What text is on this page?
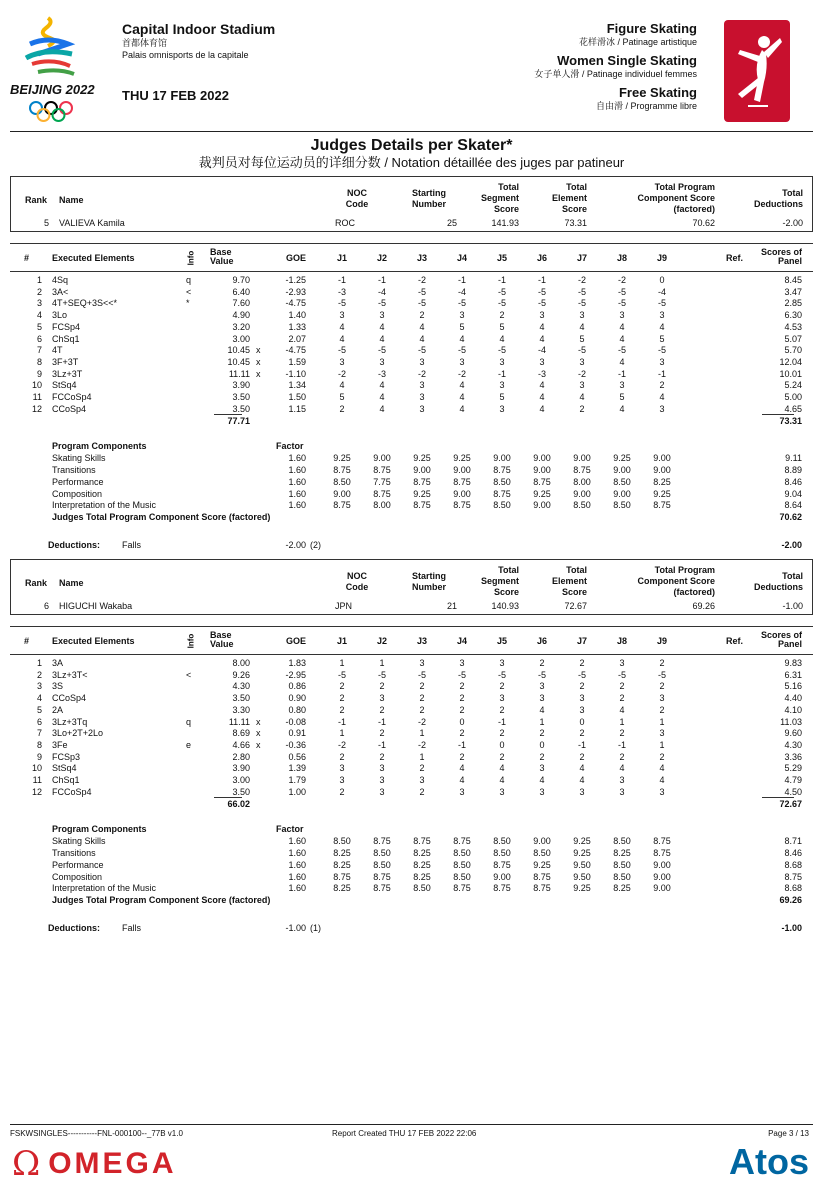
BEIJING 2022
Capital Indoor Stadium
首都体育馆
Palais omnisports de la capitale
THU 17 FEB 2022
Figure Skating
花样滑冰 / Patinage artistique
Women Single Skating
女子单人滑 / Patinage individuel femmes
Free Skating
自由滑 / Programme libre
Judges Details per Skater*
裁判员对每位运动员的详细分数 / Notation détaillée des juges par patineur
Rank Name
NOC
Code
Starting
Number
Total
Segment
Score
Total
Element
Score
Total Program
Component Score
(factored)
Total
Deductions
5 VALIEVA Kamila	ROC	25	141.93	73.31	70.62	-2.00
#	Executed Elements	Info Base
Value	GOE	J1	J2	J3	J4	J5	J6	J7	J8	J9	Ref.
Scores of
Panel
1 4Sq	q	9.70	-1.25	-1	-1	-2	-1	-1	-1	-2	-2	0	8.45
2 3A<	<	6.40	-2.93	-3	-4	-5	-4	-5	-5	-5	-5	-4	3.47
3 4T+SEQ+3S<<*	*	7.60	-4.75	-5	-5	-5	-5	-5	-5	-5	-5	-5	2.85
4 3Lo	4.90	1.40	3	3	2	3	2	3	3	3	3	6.30
5 FCSp4	3.20	1.33	4	4	4	5	5	4	4	4	4	4.53
6 ChSq1	3.00	2.07	4	4	4	4	4	4	5	4	5	5.07
7 4T	10.45 x	-4.75	-5	-5	-5	-5	-5	-4	-5	-5	-5	5.70
8 3F+3T	10.45 x	1.59	3	3	3	3	3	3	3	4	3	12.04
9 3Lz+3T	11.11 x	-1.10	-2	-3	-2	-2	-1	-3	-2	-1	-1	10.01
10 StSq4	3.90	1.34	4	4	3	4	3	4	3	3	2	5.24
11 FCCoSp4	3.50	1.50	5	4	3	4	5	4	4	5	4	5.00
12 CCoSp4	3.50	1.15	2	4	3	4	3	4	2	4	3	4.65
77.71	73.31
Program Components	Factor
Skating Skills	1.60	9.25	9.00	9.25	9.25	9.00	9.00	9.00	9.25	9.00	9.11
Transitions	1.60	8.75	8.75	9.00	9.00	8.75	9.00	8.75	9.00	9.00	8.89
Performance	1.60	8.50	7.75	8.75	8.75	8.50	8.75	8.00	8.50	8.25	8.46
Composition	1.60	9.00	8.75	9.25	9.00	8.75	9.25	9.00	9.00	9.25	9.04
Interpretation of the Music	1.60	8.75	8.00	8.75	8.75	8.50	9.00	8.50	8.50	8.75	8.64
Judges Total Program Component Score (factored)	70.62
Deductions: Falls	-2.00 (2)	-2.00
Rank Name
NOC
Code
Starting
Number
Total
Segment
Score
Total
Element
Score
Total Program
Component Score
(factored)
Total
Deductions
6 HIGUCHI Wakaba	JPN	21	140.93	72.67	69.26	-1.00
#	Executed Elements	Info Base
Value	GOE	J1	J2	J3	J4	J5	J6	J7	J8	J9	Ref.
Scores of
Panel
1 3A	8.00	1.83	1	1	3	3	3	2	2	3	2	9.83
2 3Lz+3T<	<	9.26	-2.95	-5	-5	-5	-5	-5	-5	-5	-5	-5	6.31
3 3S	4.30	0.86	2	2	2	2	2	3	2	2	2	5.16
4 CCoSp4	3.50	0.90	2	3	2	2	3	3	3	2	3	4.40
5 2A	3.30	0.80	2	2	2	2	2	4	3	4	2	4.10
6 3Lz+3Tq	q	11.11 x	-0.08	-1	-1	-2	0	-1	1	0	1	1	11.03
7 3Lo+2T+2Lo	8.69 x	0.91	1	2	1	2	2	2	2	2	3	9.60
8 3Fe	e	4.66 x	-0.36	-2	-1	-2	-1	0	0	-1	-1	1	4.30
9 FCSp3	2.80	0.56	2	2	1	2	2	2	2	2	2	3.36
10 StSq4	3.90	1.39	3	3	2	4	4	3	4	4	4	5.29
11 ChSq1	3.00	1.79	3	3	3	4	4	4	4	3	4	4.79
12 FCCoSp4	3.50	1.00	2	3	2	3	3	3	3	3	3	4.50
66.02	72.67
Program Components	Factor
Skating Skills	1.60	8.50	8.75	8.75	8.75	8.50	9.00	9.25	8.50	8.75	8.71
Transitions	1.60	8.25	8.50	8.25	8.50	8.50	8.50	9.25	8.25	8.75	8.46
Performance	1.60	8.25	8.50	8.25	8.50	8.75	9.25	9.50	8.50	9.00	8.68
Composition	1.60	8.75	8.75	8.25	8.50	9.00	8.75	9.50	8.50	9.00	8.75
Interpretation of the Music	1.60	8.25	8.75	8.50	8.75	8.75	8.75	9.25	8.25	9.00	8.68
Judges Total Program Component Score (factored)	69.26
Deductions: Falls	-1.00 (1)	-1.00
FSKWSINGLES-----------FNL-000100--_77B v1.0	Report Created THU 17 FEB 2022 22:06	Page 3 / 13
Ω OMEGA	Atos
